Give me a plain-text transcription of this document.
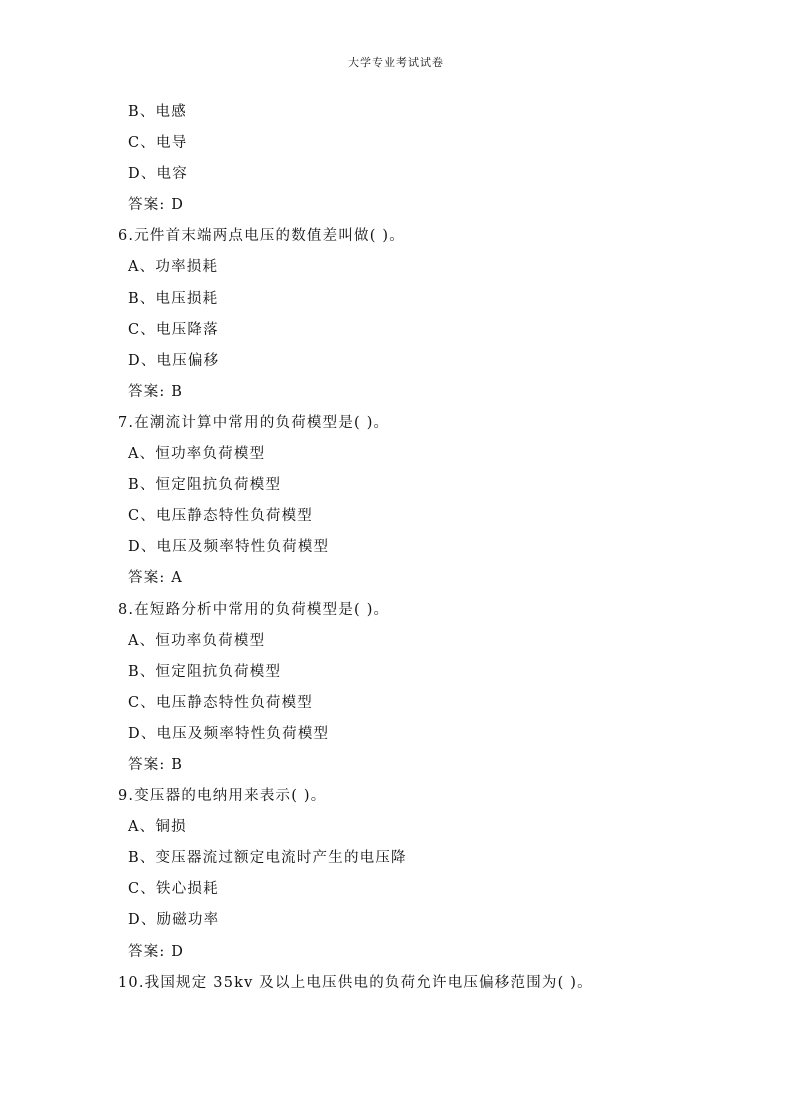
大学专业考试试卷
B、电感
C、电导
D、电容
答案: D
6.元件首末端两点电压的数值差叫做( )。
A、功率损耗
B、电压损耗
C、电压降落
D、电压偏移
答案: B
7.在潮流计算中常用的负荷模型是( )。
A、恒功率负荷模型
B、恒定阻抗负荷模型
C、电压静态特性负荷模型
D、电压及频率特性负荷模型
答案: A
8.在短路分析中常用的负荷模型是( )。
A、恒功率负荷模型
B、恒定阻抗负荷模型
C、电压静态特性负荷模型
D、电压及频率特性负荷模型
答案: B
9.变压器的电纳用来表示( )。
A、铜损
B、变压器流过额定电流时产生的电压降
C、铁心损耗
D、励磁功率
答案: D
10.我国规定 35kv 及以上电压供电的负荷允许电压偏移范围为( )。
